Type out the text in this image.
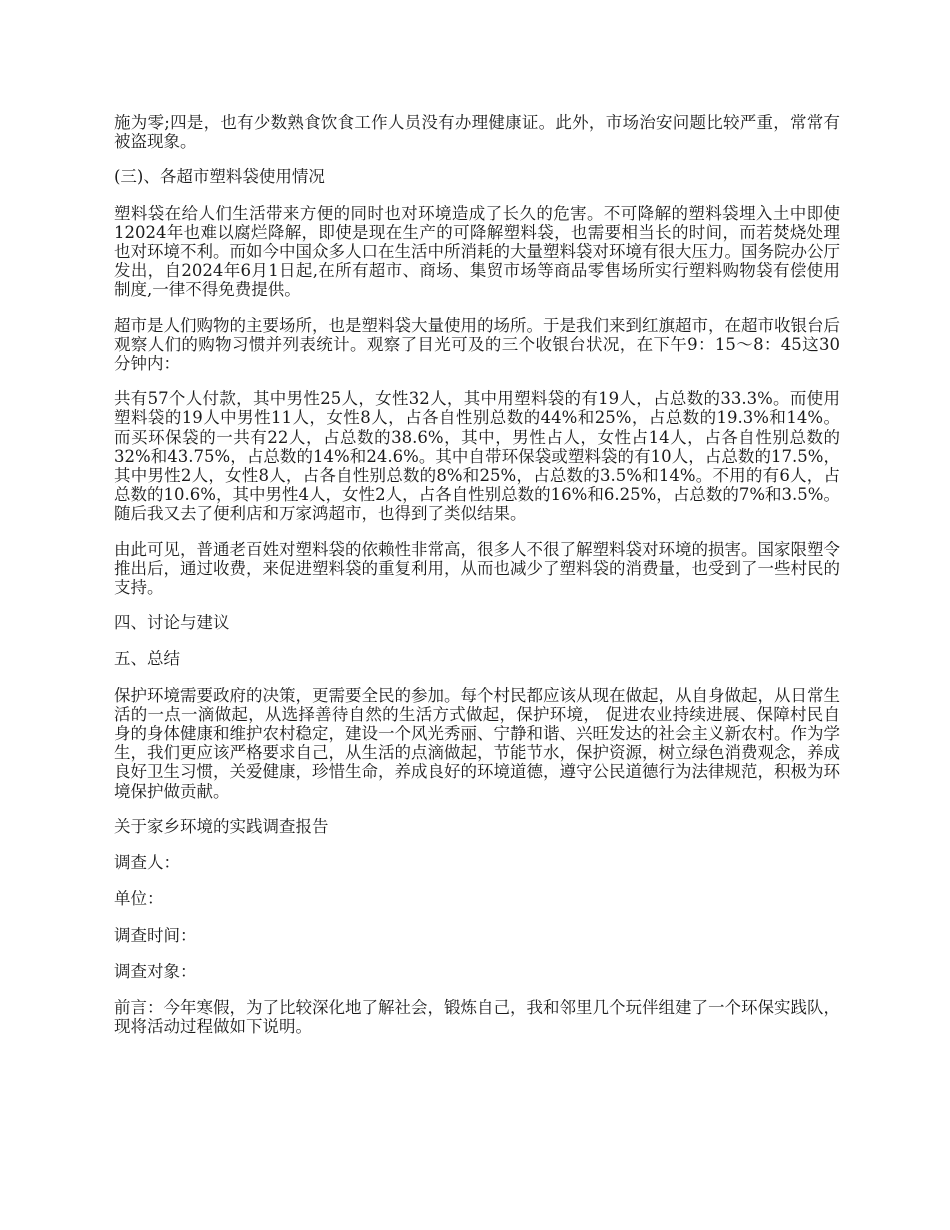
施为零;四是，也有少数熟食饮食工作人员没有办理健康证。此外，市场治安问题比较严重，常常有被盗现象。

(三)、各超市塑料袋使用情况

塑料袋在给人们生活带来方便的同时也对环境造成了长久的危害。不可降解的塑料袋埋入土中即使12024年也难以腐烂降解，即使是现在生产的可降解塑料袋，也需要相当长的时间，而若焚烧处理也对环境不利。而如今中国众多人口在生活中所消耗的大量塑料袋对环境有很大压力。国务院办公厅发出，自2024年6月1日起,在所有超市、商场、集贸市场等商品零售场所实行塑料购物袋有偿使用制度,一律不得免费提供。

超市是人们购物的主要场所，也是塑料袋大量使用的场所。于是我们来到红旗超市，在超市收银台后观察人们的购物习惯并列表统计。观察了目光可及的三个收银台状况，在下午9：15～8：45这30分钟内：

共有57个人付款，其中男性25人，女性32人，其中用塑料袋的有19人，占总数的33.3%。而使用塑料袋的19人中男性11人，女性8人，占各自性别总数的44%和25%，占总数的19.3%和14%。而买环保袋的一共有22人，占总数的38.6%，其中，男性占人，女性占14人，占各自性别总数的32%和43.75%，占总数的14%和24.6%。其中自带环保袋或塑料袋的有10人，占总数的17.5%，其中男性2人，女性8人，占各自性别总数的8%和25%，占总数的3.5%和14%。不用的有6人，占总数的10.6%，其中男性4人，女性2人，占各自性别总数的16%和6.25%，占总数的7%和3.5%。随后我又去了便利店和万家鸿超市，也得到了类似结果。

由此可见，普通老百姓对塑料袋的依赖性非常高，很多人不很了解塑料袋对环境的损害。国家限塑令推出后，通过收费，来促进塑料袋的重复利用，从而也减少了塑料袋的消费量，也受到了一些村民的支持。

四、讨论与建议

五、总结

保护环境需要政府的决策，更需要全民的参加。每个村民都应该从现在做起，从自身做起，从日常生活的一点一滴做起，从选择善待自然的生活方式做起，保护环境， 促进农业持续进展、保障村民自身的身体健康和维护农村稳定，建设一个风光秀丽、宁静和谐、兴旺发达的社会主义新农村。作为学生，我们更应该严格要求自己，从生活的点滴做起，节能节水，保护资源，树立绿色消费观念，养成良好卫生习惯，关爱健康，珍惜生命，养成良好的环境道德，遵守公民道德行为法律规范，积极为环境保护做贡献。

关于家乡环境的实践调查报告

调查人：

单位：

调查时间：

调查对象：

前言：今年寒假，为了比较深化地了解社会，锻炼自己，我和邻里几个玩伴组建了一个环保实践队，现将活动过程做如下说明。
